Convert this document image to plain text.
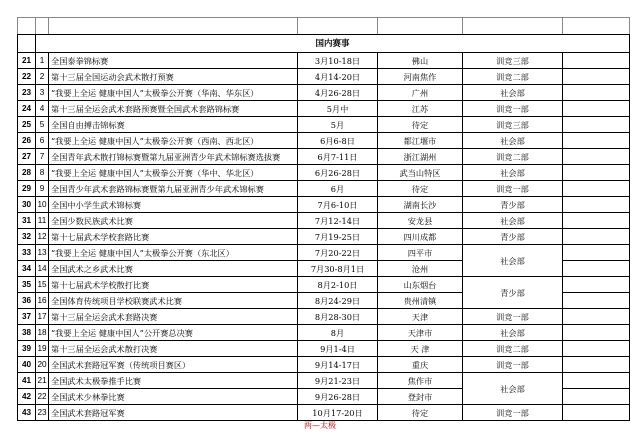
	国内赛事					
21	1	全国泰拳锦标赛	3月10-18日	佛山	训竞三部	
22	2	第十三届全国运动会武术散打预赛	4月14-20日	河南焦作	训竞二部	
23	3	“我要上全运 健康中国人”太极拳公开赛（华南、华东区）	4月26-28日	广州	社会部	
24	4	第十三届全运会武术套路预赛暨全国武术套路锦标赛	5月中	江苏	训竞一部	
25	5	全国自由搏击锦标赛	5月	待定	训竞三部	
26	6	“我要上全运 健康中国人”太极拳公开赛（西南、西北区）	6月6-8日	都江堰市	社会部	
27	7	全国青年武术散打锦标赛暨第九届亚洲青少年武术锦标赛选拔赛	6月7-11日	浙江湖州	训竞二部	
28	8	“我要上全运 健康中国人”太极拳公开赛（华中、华北区）	6月26-28日	武当山特区	社会部	
29	9	全国青少年武术套路锦标赛暨第九届亚洲青少年武术锦标赛	6月	待定	训竞一部	
30	10	全国中小学生武术锦标赛	7月6-10日	湖南长沙	青少部	
31	11	全国少数民族武术比赛	7月12-14日	安龙县	社会部	
32	12	第十七届武术学校套路比赛	7月19-25日	四川成都	青少部	
33	13	“我要上全运 健康中国人”太极拳公开赛（东北区）	7月20-22日	四平市	社会部	
34	14	全国武术之乡武术比赛	7月30-8月1日	沧州		
35	15	第十七届武术学校散打比赛	8月2-10日	山东烟台	青少部	
36	16	全国体育传统项目学校联赛武术比赛	8月24-29日	贵州清镇		
37	17	第十三届全运会武术套路决赛	8月28-30日	天津	训竞一部	
38	18	“我要上全运 健康中国人”公开赛总决赛	8月	天津市	社会部	
39	19	第十三届全运会武术散打决赛	9月1-4日	天 津	训竞二部	
40	20	全国武术套路冠军赛（传统项目赛区）	9月14-17日	重庆	训竞一部	
41	21	全国武术太极拳推手比赛	9月21-23日	焦作市	社会部	
42	22	全国武术少林拳比赛	9月26-28日	登封市		
43	23	全国武术套路冠军赛	10月17-20日	待定	训竞一部	
两—太极
